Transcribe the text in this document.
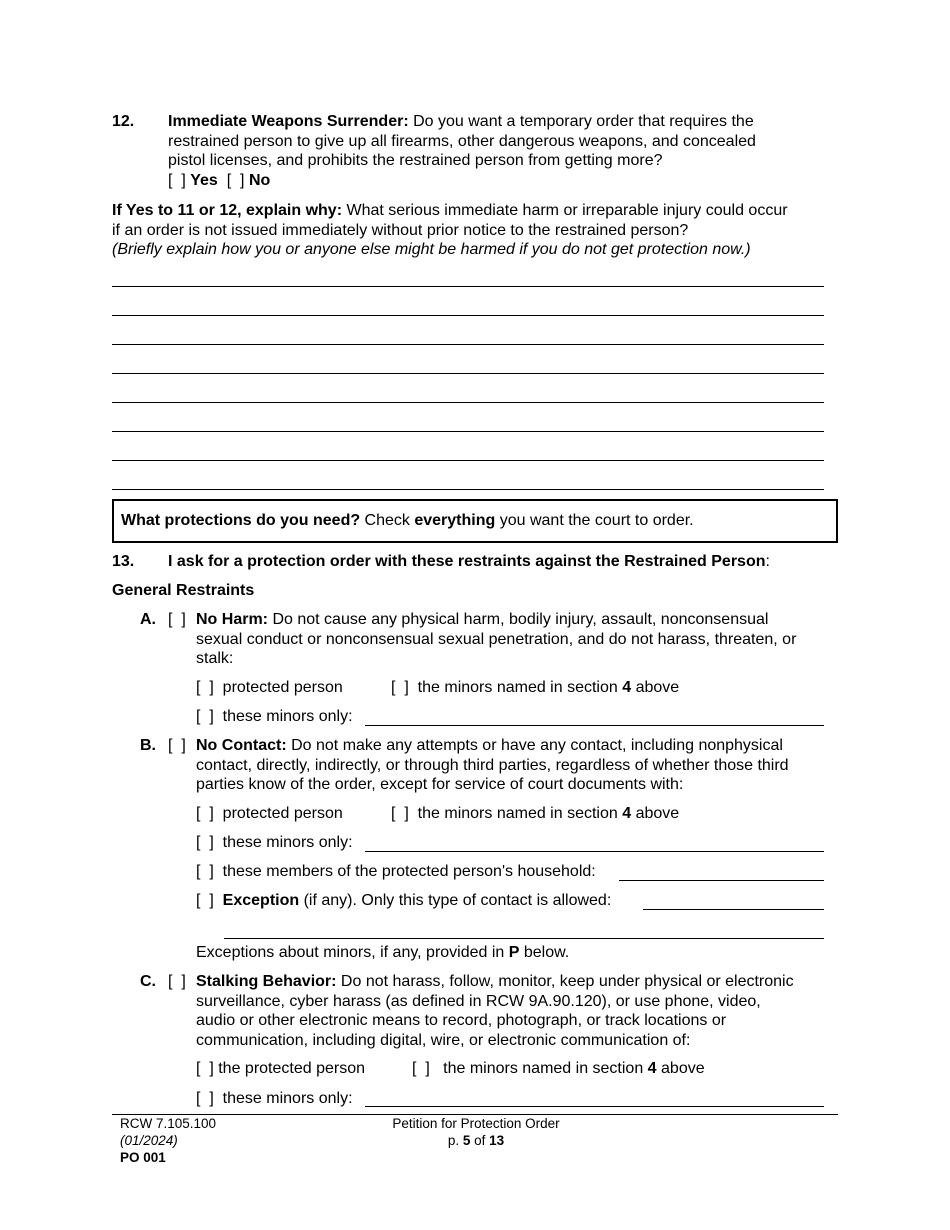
12. Immediate Weapons Surrender: Do you want a temporary order that requires the
restrained person to give up all firearms, other dangerous weapons, and concealed
pistol licenses, and prohibits the restrained person from getting more?
[  ] Yes [  ] No
If Yes to 11 or 12, explain why: What serious immediate harm or irreparable injury could occur
if an order is not issued immediately without prior notice to the restrained person?
(Briefly explain how you or anyone else might be harmed if you do not get protection now.)
What protections do you need? Check everything you want the court to order.
13. I ask for a protection order with these restraints against the Restrained Person:
General Restraints
A. [  ] No Harm: Do not cause any physical harm, bodily injury, assault, nonconsensual
sexual conduct or nonconsensual sexual penetration, and do not harass, threaten, or
stalk:
[  ] protected person	[  ] the minors named in section 4 above
[  ] these minors only:
B. [  ] No Contact: Do not make any attempts or have any contact, including nonphysical
contact, directly, indirectly, or through third parties, regardless of whether those third
parties know of the order, except for service of court documents with:
[  ] protected person	[  ] the minors named in section 4 above
[  ] these minors only:
[  ] these members of the protected person's household:
[  ] Exception (if any). Only this type of contact is allowed:
Exceptions about minors, if any, provided in P below.
C. [  ] Stalking Behavior: Do not harass, follow, monitor, keep under physical or electronic
surveillance, cyber harass (as defined in RCW 9A.90.120), or use phone, video,
audio or other electronic means to record, photograph, or track locations or
communication, including digital, wire, or electronic communication of:
[  ] the protected person	[  ] the minors named in section 4 above
[  ] these minors only:
RCW 7.105.100
(01/2024)
PO 001
Petition for Protection Order
p. 5 of 13
